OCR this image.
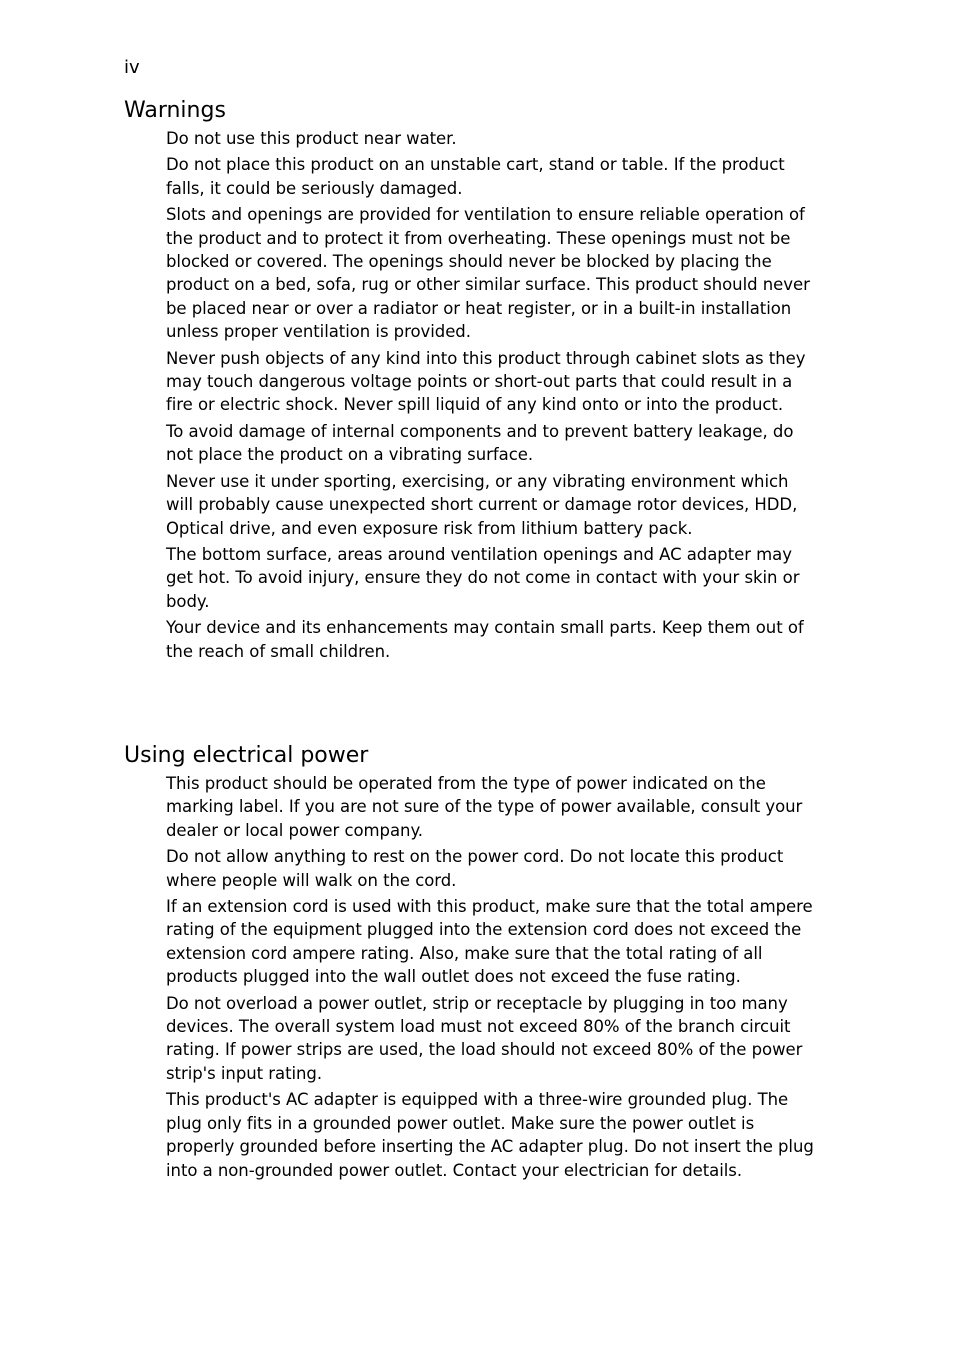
iv
Warnings
Do not use this product near water.
Do not place this product on an unstable cart, stand or table. If the product falls, it could be seriously damaged.
Slots and openings are provided for ventilation to ensure reliable operation of the product and to protect it from overheating. These openings must not be blocked or covered. The openings should never be blocked by placing the product on a bed, sofa, rug or other similar surface. This product should never be placed near or over a radiator or heat register, or in a built-in installation unless proper ventilation is provided.
Never push objects of any kind into this product through cabinet slots as they may touch dangerous voltage points or short-out parts that could result in a fire or electric shock. Never spill liquid of any kind onto or into the product.
To avoid damage of internal components and to prevent battery leakage, do not place the product on a vibrating surface.
Never use it under sporting, exercising, or any vibrating environment which will probably cause unexpected short current or damage rotor devices, HDD, Optical drive, and even exposure risk from lithium battery pack.
The bottom surface, areas around ventilation openings and AC adapter may get hot. To avoid injury, ensure they do not come in contact with your skin or body.
Your device and its enhancements may contain small parts. Keep them out of the reach of small children.
Using electrical power
This product should be operated from the type of power indicated on the marking label. If you are not sure of the type of power available, consult your dealer or local power company.
Do not allow anything to rest on the power cord. Do not locate this product where people will walk on the cord.
If an extension cord is used with this product, make sure that the total ampere rating of the equipment plugged into the extension cord does not exceed the extension cord ampere rating. Also, make sure that the total rating of all products plugged into the wall outlet does not exceed the fuse rating.
Do not overload a power outlet, strip or receptacle by plugging in too many devices. The overall system load must not exceed 80% of the branch circuit rating. If power strips are used, the load should not exceed 80% of the power strip's input rating.
This product's AC adapter is equipped with a three-wire grounded plug. The plug only fits in a grounded power outlet. Make sure the power outlet is properly grounded before inserting the AC adapter plug. Do not insert the plug into a non-grounded power outlet. Contact your electrician for details.
